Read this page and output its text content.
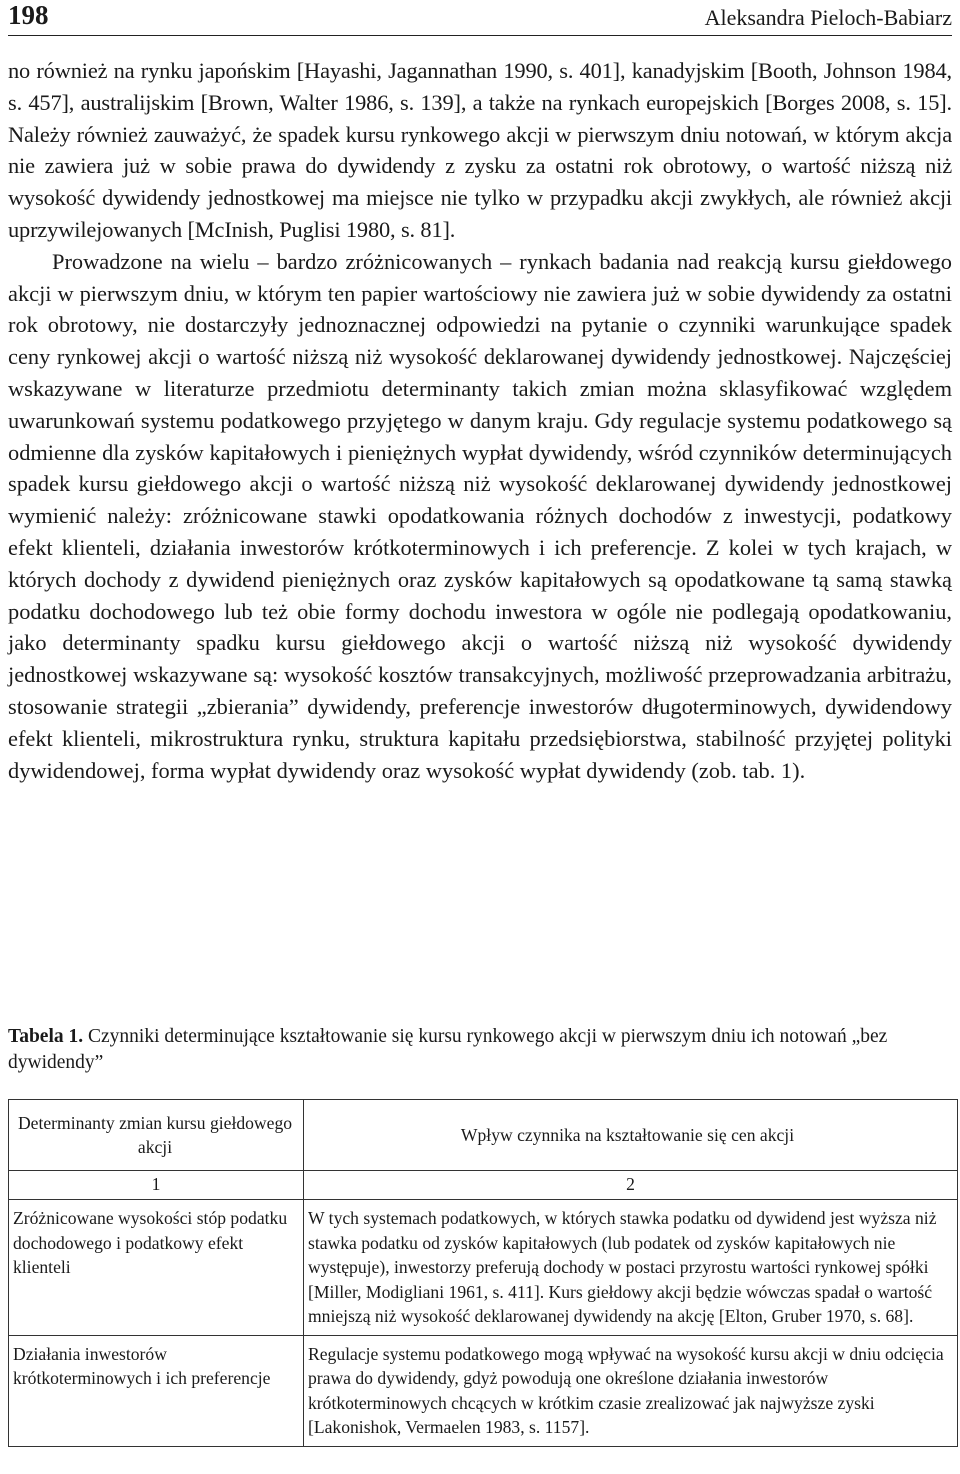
198	Aleksandra Pieloch-Babiarz

no również na rynku japońskim [Hayashi, Jagannathan 1990, s. 401], kanadyjskim [Booth, Johnson 1984, s. 457], australijskim [Brown, Walter 1986, s. 139], a także na rynkach europejskich [Borges 2008, s. 15]. Należy również zauważyć, że spadek kursu rynkowego akcji w pierwszym dniu notowań, w którym akcja nie zawiera już w sobie prawa do dywidendy z zysku za ostatni rok obrotowy, o wartość niższą niż wysokość dywidendy jednostkowej ma miejsce nie tylko w przypadku akcji zwykłych, ale również akcji uprzywilejowanych [McInish, Puglisi 1980, s. 81].

Prowadzone na wielu – bardzo zróżnicowanych – rynkach badania nad reakcją kursu giełdowego akcji w pierwszym dniu, w którym ten papier wartościowy nie zawiera już w sobie dywidendy za ostatni rok obrotowy, nie dostarczyły jednoznacznej odpowiedzi na pytanie o czynniki warunkujące spadek ceny rynkowej akcji o wartość niższą niż wysokość deklarowanej dywidendy jednostkowej. Najczęściej wskazywane w literaturze przedmiotu determinanty takich zmian można sklasyfikować względem uwarunkowań systemu podatkowego przyjętego w danym kraju. Gdy regulacje systemu podatkowego są odmienne dla zysków kapitałowych i pieniężnych wypłat dywidendy, wśród czynników determinujących spadek kursu giełdowego akcji o wartość niższą niż wysokość deklarowanej dywidendy jednostkowej wymienić należy: zróżnicowane stawki opodatkowania różnych dochodów z inwestycji, podatkowy efekt klienteli, działania inwestorów krótkoterminowych i ich preferencje. Z kolei w tych krajach, w których dochody z dywidend pieniężnych oraz zysków kapitałowych są opodatkowane tą samą stawką podatku dochodowego lub też obie formy dochodu inwestora w ogóle nie podlegają opodatkowaniu, jako determinanty spadku kursu giełdowego akcji o wartość niższą niż wysokość dywidendy jednostkowej wskazywane są: wysokość kosztów transakcyjnych, możliwość przeprowadzania arbitrażu, stosowanie strategii „zbierania” dywidendy, preferencje inwestorów długoterminowych, dywidendowy efekt klienteli, mikrostruktura rynku, struktura kapitału przedsiębiorstwa, stabilność przyjętej polityki dywidendowej, forma wypłat dywidendy oraz wysokość wypłat dywidendy (zob. tab. 1).

Tabela 1. Czynniki determinujące kształtowanie się kursu rynkowego akcji w pierwszym dniu ich notowań „bez dywidendy”
Determinanty zmian kursu giełdowego akcji	Wpływ czynnika na kształtowanie się cen akcji
1	2
Zróżnicowane wysokości stóp podatku dochodowego i podatkowy efekt klienteli	W tych systemach podatkowych, w których stawka podatku od dywidend jest wyższa niż stawka podatku od zysków kapitałowych (lub podatek od zysków kapitałowych nie występuje), inwestorzy preferują dochody w postaci przyrostu wartości rynkowej spółki [Miller, Modigliani 1961, s. 411]. Kurs giełdowy akcji będzie wówczas spadał o wartość mniejszą niż wysokość deklarowanej dywidendy na akcję [Elton, Gruber 1970, s. 68].
Działania inwestorów krótkoterminowych i ich preferencje	Regulacje systemu podatkowego mogą wpływać na wysokość kursu akcji w dniu odcięcia prawa do dywidendy, gdyż powodują one określone działania inwestorów krótkoterminowych chcących w krótkim czasie zrealizować jak najwyższe zyski [Lakonishok, Vermaelen 1983, s. 1157].
